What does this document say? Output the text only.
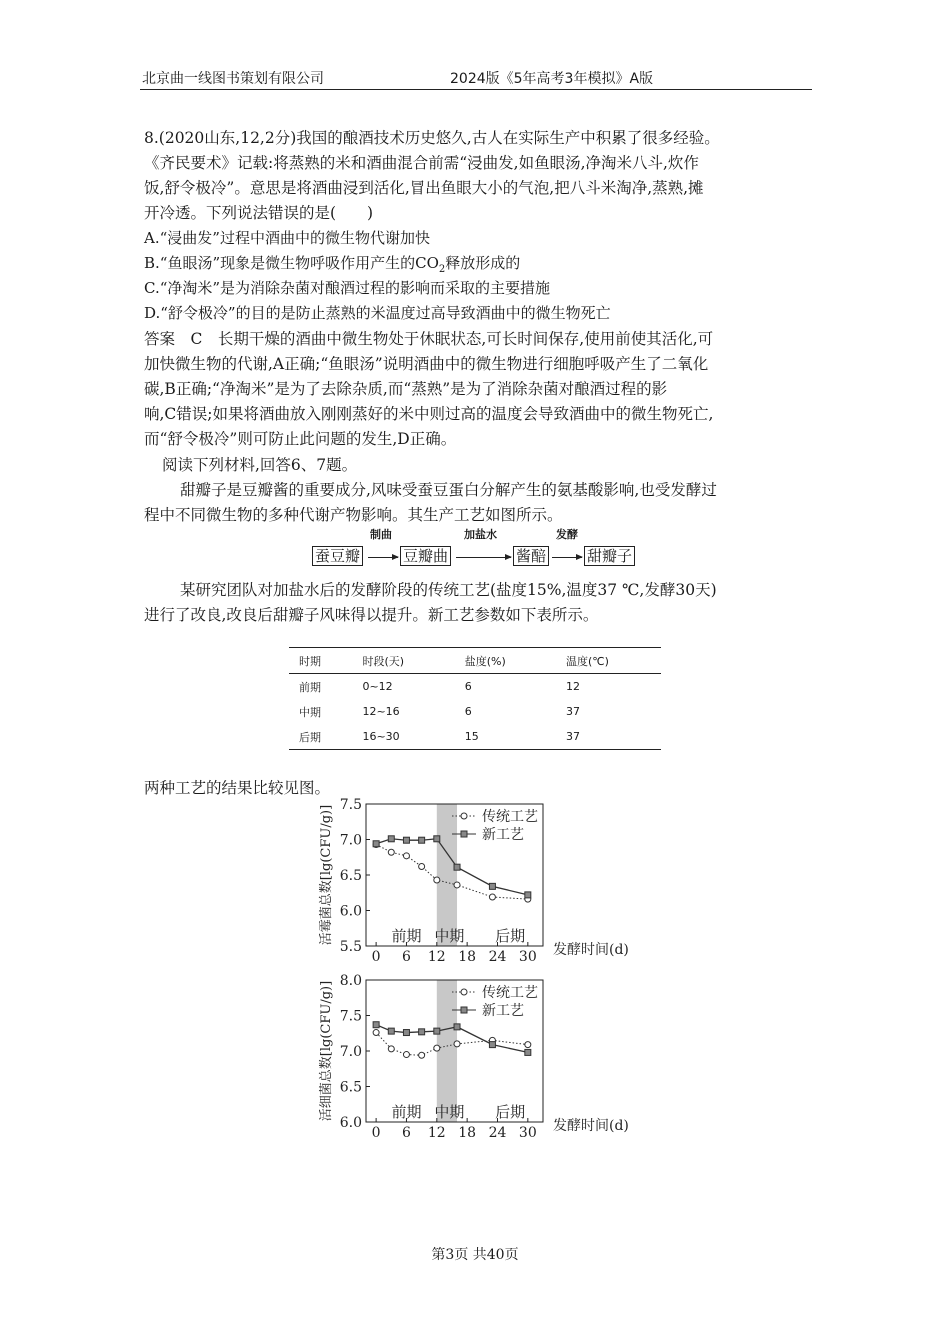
北京曲一线图书策划有限公司	2024版《5年高考3年模拟》A版
8.(2020山东,12,2分)我国的酿酒技术历史悠久,古人在实际生产中积累了很多经验。
《齐民要术》记载:将蒸熟的米和酒曲混合前需“浸曲发,如鱼眼汤,净淘米八斗,炊作
饭,舒令极冷”。意思是将酒曲浸到活化,冒出鱼眼大小的气泡,把八斗米淘净,蒸熟,摊
开冷透。下列说法错误的是(　　)
A.“浸曲发”过程中酒曲中的微生物代谢加快
B.“鱼眼汤”现象是微生物呼吸作用产生的$CO_2$释放形成的
C.“净淘米”是为消除杂菌对酿酒过程的影响而采取的主要措施
D.“舒令极冷”的目的是防止蒸熟的米温度过高导致酒曲中的微生物死亡
答案　C　长期干燥的酒曲中微生物处于休眠状态,可长时间保存,使用前使其活化,可
加快微生物的代谢,A正确;“鱼眼汤”说明酒曲中的微生物进行细胞呼吸产生了二氧化
碳,B正确;“净淘米”是为了去除杂质,而“蒸熟”是为了消除杂菌对酿酒过程的影
响,C错误;如果将酒曲放入刚刚蒸好的米中则过高的温度会导致酒曲中的微生物死亡,
而“舒令极冷”则可防止此问题的发生,D正确。
阅读下列材料,回答6、7题。
甜瓣子是豆瓣酱的重要成分,风味受蚕豆蛋白分解产生的氨基酸影响,也受发酵过
程中不同微生物的多种代谢产物影响。其生产工艺如图所示。
蚕豆瓣
制曲
豆瓣曲
加盐水
酱醅
发酵
甜瓣子
某研究团队对加盐水后的发酵阶段的传统工艺(盐度15%,温度37 ℃,发酵30天)
进行了改良,改良后甜瓣子风味得以提升。新工艺参数如下表所示。
时期	时段(天)	盐度(%)	温度(℃)
前期	0~12	6	12
中期	12~16	6	37
后期	16~30	15	37
两种工艺的结果比较见图。
5.5
6.0
6.5
7.0
7.5
0 6 12 18 24 30
活霉菌总数[lg(CFU/g)]
发酵时间(d)
前期 中期 后期
传统工艺
新工艺
6.0
6.5
7.0
7.5
8.0
0 6 12 18 24 30
活细菌总数[lg(CFU/g)]
发酵时间(d)
前期 中期 后期
传统工艺
新工艺
第3页 共40页
